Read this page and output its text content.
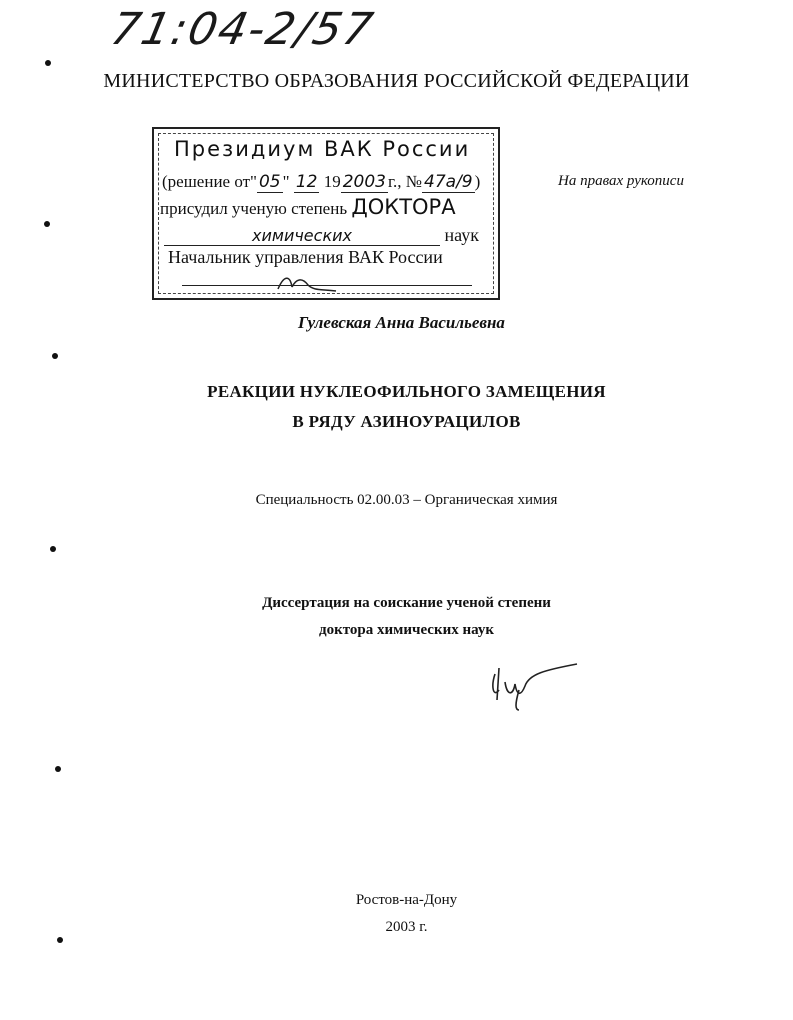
71:04-2/57
МИНИСТЕРСТВО ОБРАЗОВАНИЯ РОССИЙСКОЙ ФЕДЕРАЦИИ
Президиум ВАК России
(решение от" 05 " 12 19 2003 г., № 47a/9 )
присудил ученую степень ДОКТОРА
химических	наук
Начальник управления ВАК России
На правах рукописи
Гулевская Анна Васильевна
РЕАКЦИИ НУКЛЕОФИЛЬНОГО ЗАМЕЩЕНИЯ
В РЯДУ АЗИНОУРАЦИЛОВ
Специальность 02.00.03 – Органическая химия
Диссертация на соискание ученой степени
доктора химических наук
Ростов-на-Дону
2003 г.
